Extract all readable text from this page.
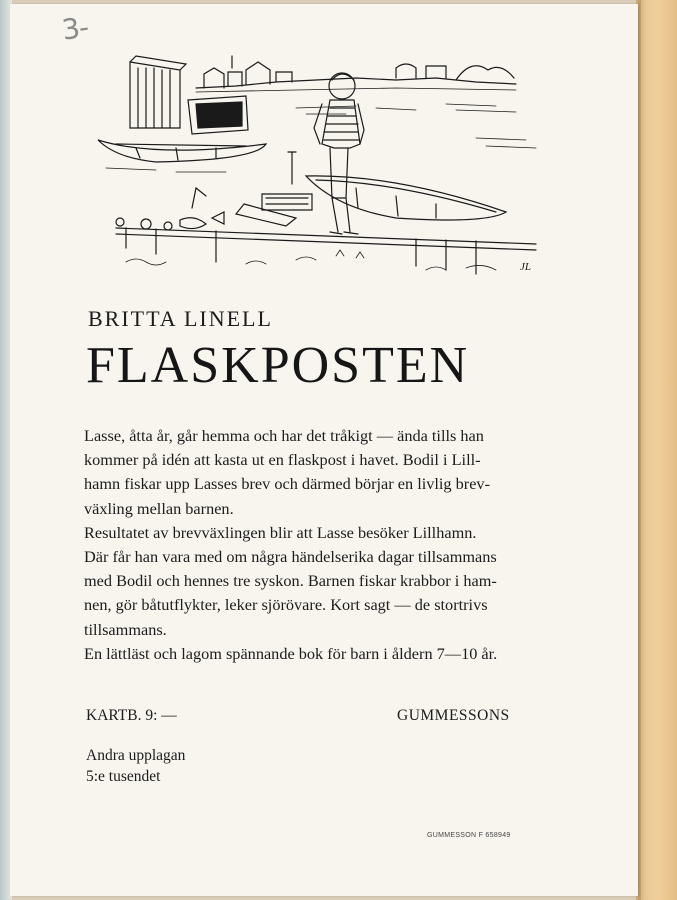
3-
JL
BRITTA LINELL
FLASKPOSTEN

Lasse, åtta år, går hemma och har det tråkigt — ända tills han

kommer på idén att kasta ut en flaskpost i havet. Bodil i Lill-

hamn fiskar upp Lasses brev och därmed börjar en livlig brev-

växling mellan barnen.

Resultatet av brevväxlingen blir att Lasse besöker Lillhamn.

Där får han vara med om några händelserika dagar tillsammans

med Bodil och hennes tre syskon. Barnen fiskar krabbor i ham-

nen, gör båtutflykter, leker sjörövare. Kort sagt — de stortrivs

tillsammans.

En lättläst och lagom spännande bok för barn i åldern 7—10 år.

KARTB. 9: —	GUMMESSONS
Andra upplagan
5:e tusendet
GUMMESSON F 658949
